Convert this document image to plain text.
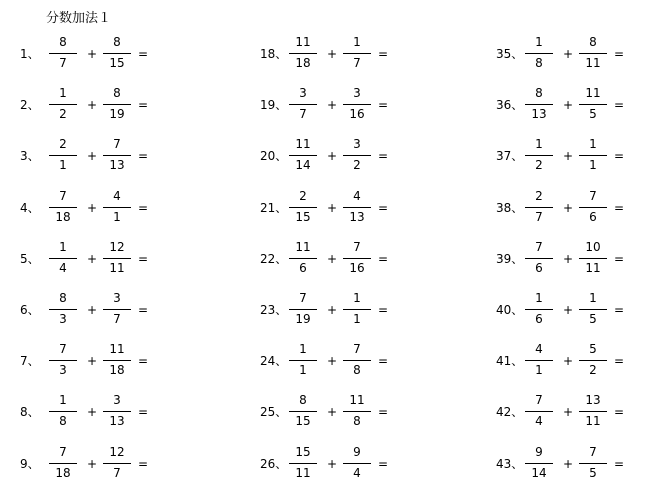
分数加法１
1、
8
7
+
8
15
=
2、
1
2
+
8
19
=
3、
2
1
+
7
13
=
4、
7
18
+
4
1
=
5、
1
4
+
12
11
=
6、
8
3
+
3
7
=
7、
7
3
+
11
18
=
8、
1
8
+
3
13
=
9、
7
18
+
12
7
=
18、
11
18
+
1
7
=
19、
3
7
+
3
16
=
20、
11
14
+
3
2
=
21、
2
15
+
4
13
=
22、
11
6
+
7
16
=
23、
7
19
+
1
1
=
24、
1
1
+
7
8
=
25、
8
15
+
11
8
=
26、
15
11
+
9
4
=
35、
1
8
+
8
11
=
36、
8
13
+
11
5
=
37、
1
2
+
1
1
=
38、
2
7
+
7
6
=
39、
7
6
+
10
11
=
40、
1
6
+
1
5
=
41、
4
1
+
5
2
=
42、
7
4
+
13
11
=
43、
9
14
+
7
5
=
